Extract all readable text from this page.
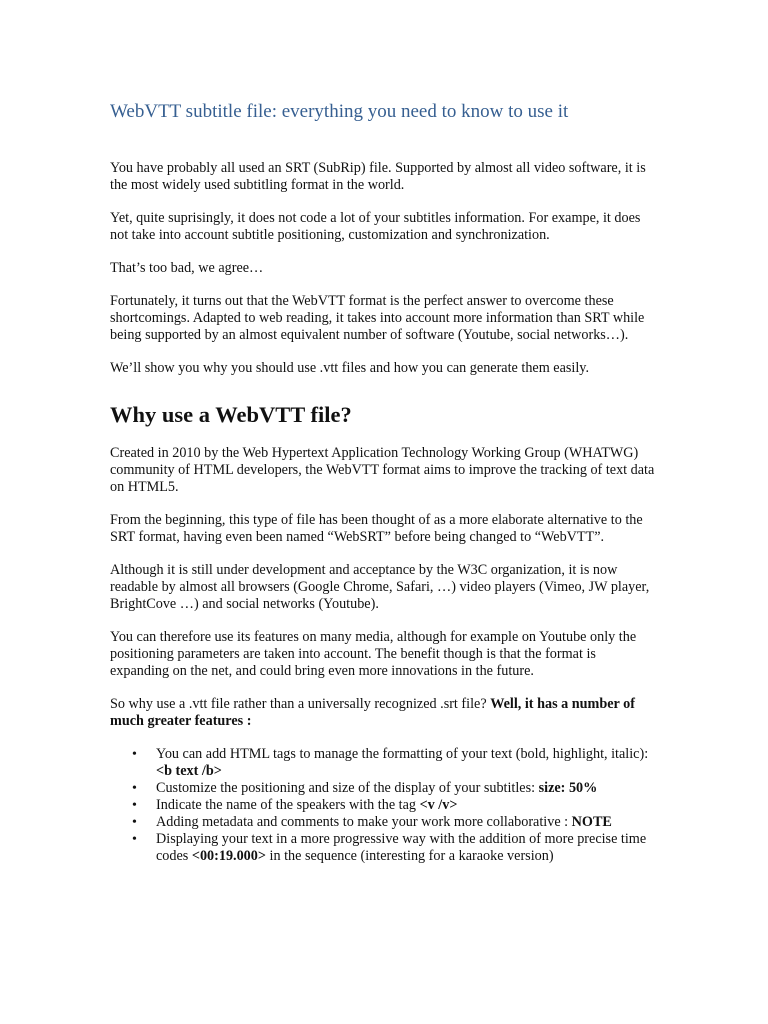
WebVTT subtitle file: everything you need to know to use it

You have probably all used an SRT (SubRip) file. Supported by almost all video software, it is the most widely used subtitling format in the world.

Yet, quite suprisingly, it does not code a lot of your subtitles information. For exampe, it does not take into account subtitle positioning, customization and synchronization.

That’s too bad, we agree…

Fortunately, it turns out that the WebVTT format is the perfect answer to overcome these shortcomings. Adapted to web reading, it takes into account more information than SRT while being supported by an almost equivalent number of software (Youtube, social networks…).

We’ll show you why you should use .vtt files and how you can generate them easily.

Why use a WebVTT file?

Created in 2010 by the Web Hypertext Application Technology Working Group (WHATWG) community of HTML developers, the WebVTT format aims to improve the tracking of text data on HTML5.

From the beginning, this type of file has been thought of as a more elaborate alternative to the SRT format, having even been named “WebSRT” before being changed to “WebVTT”.

Although it is still under development and acceptance by the W3C organization, it is now readable by almost all browsers (Google Chrome, Safari, …) video players (Vimeo, JW player, BrightCove …) and social networks (Youtube).

You can therefore use its features on many media, although for example on Youtube only the positioning parameters are taken into account. The benefit though is that the format is expanding on the net, and could bring even more innovations in the future.

So why use a .vtt file rather than a universally recognized .srt file? Well, it has a number of much greater features :

• You can add HTML tags to manage the formatting of your text (bold, highlight, italic): <b text /b>
• Customize the positioning and size of the display of your subtitles: size: 50%
• Indicate the name of the speakers with the tag <v /v>
• Adding metadata and comments to make your work more collaborative : NOTE
• Displaying your text in a more progressive way with the addition of more precise time codes <00:19.000> in the sequence (interesting for a karaoke version)
